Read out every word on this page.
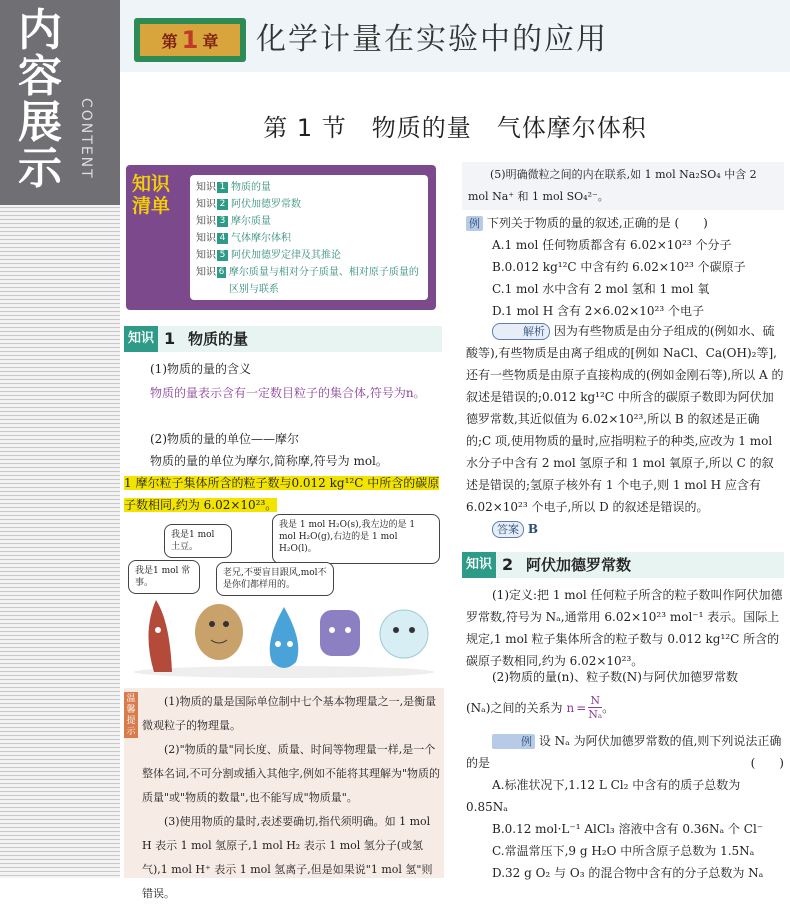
内
容
展
示	CONTENT
第 1 章 化学计量在实验中的应用
第 1 节　物质的量　气体摩尔体积
知识清单
知识 1 物质的量
知识 2 阿伏加德罗常数
知识 3 摩尔质量
知识 4 气体摩尔体积
知识 5 阿伏加德罗定律及其推论
知识 6 摩尔质量与相对分子质量、相对原子质量的区别与联系
知识 1 物质的量
(1)物质的量的含义
物质的量表示含有一定数目粒子的集合体,符号为n。
(2)物质的量的单位——摩尔
物质的量的单位为摩尔,简称摩,符号为 mol。
1 摩尔粒子集体所含的粒子数与0.012 kg¹²C 中所含的碳原子数相同,约为 6.02×10²³。
我是1 mol 土豆。
我是1 mol 常事。
我是 1 mol H₂O(s),我左边的是 1 mol H₂O(g),右边的是 1 mol H₂O(l)。
老兄,不要盲目跟风,mol不是你们都样用的。
温馨提示
(1)物质的量是国际单位制中七个基本物理量之一,是衡量微观粒子的物理量。
(2)"物质的量"同长度、质量、时间等物理量一样,是一个整体名词,不可分割或插入其他字,例如不能将其理解为"物质的质量"或"物质的数量",也不能写成"物质量"。
(3)使用物质的量时,表述要确切,指代须明确。如 1 mol H 表示 1 mol 氢原子,1 mol H₂ 表示 1 mol 氢分子(或氢气),1 mol H⁺ 表示 1 mol 氢离子,但是如果说"1 mol 氢"则错误。
(5)明确微粒之间的内在联系,如 1 mol Na₂SO₄ 中含 2 mol Na⁺ 和 1 mol SO₄²⁻。
例 下列关于物质的量的叙述,正确的是 (　　)
A.1 mol 任何物质都含有 6.02×10²³ 个分子
B.0.012 kg¹²C 中含有约 6.02×10²³ 个碳原子
C.1 mol 水中含有 2 mol 氢和 1 mol 氧
D.1 mol H 含有 2×6.02×10²³ 个电子
解析 因为有些物质是由分子组成的(例如水、硫酸等),有些物质是由离子组成的[例如 NaCl、Ca(OH)₂等],还有一些物质是由原子直接构成的(例如金刚石等),所以 A 的叙述是错误的;0.012 kg¹²C 中所含的碳原子数即为阿伏加德罗常数,其近似值为 6.02×10²³,所以 B 的叙述是正确的;C 项,使用物质的量时,应指明粒子的种类,应改为 1 mol 水分子中含有 2 mol 氢原子和 1 mol 氧原子,所以 C 的叙述是错误的;氢原子核外有 1 个电子,则 1 mol H 应含有 6.02×10²³ 个电子,所以 D 的叙述是错误的。
答案 B
知识 2 阿伏加德罗常数
(1)定义:把 1 mol 任何粒子所含的粒子数叫作阿伏加德罗常数,符号为 Nₐ,通常用 6.02×10²³ mol⁻¹ 表示。国际上规定,1 mol 粒子集体所含的粒子数与 0.012 kg¹²C 所含的碳原子数相同,约为 6.02×10²³。
(2)物质的量(n)、粒子数(N)与阿伏加德罗常数
(Nₐ)之间的关系为 $n = \frac{N}{\text{Nₐ}}$ 。
例 设 Nₐ 为阿伏加德罗常数的值,则下列说法正确的是	(　　)
A.标准状况下,1.12 L Cl₂ 中含有的质子总数为 0.85Nₐ
B.0.12 mol·L⁻¹ AlCl₃ 溶液中含有 0.36Nₐ 个 Cl⁻
C.常温常压下,9 g H₂O 中所含原子总数为 1.5Nₐ
D.32 g O₂ 与 O₃ 的混合物中含有的分子总数为 Nₐ
